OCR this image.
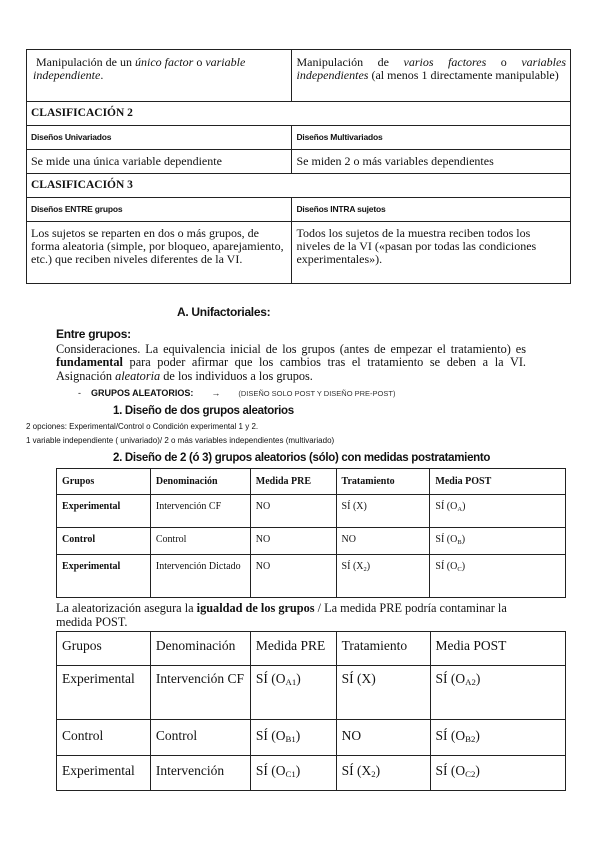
Manipulación de un único factor o variable independiente.	Manipulación de varios factores o variables independientes (al menos 1 directamente manipulable)
CLASIFICACIÓN 2	
Diseños Univariados	Diseños Multivariados
Se mide una única variable dependiente	Se miden 2 o más variables dependientes
CLASIFICACIÓN 3	
Diseños ENTRE grupos	Diseños INTRA sujetos
Los sujetos se reparten en dos o más grupos, de forma aleatoria (simple, por bloqueo, aparejamiento, etc.) que reciben niveles diferentes de la VI.	Todos los sujetos de la muestra reciben todos los niveles de la VI («pasan por todas las condiciones experimentales»).
A. Unifactoriales:
Entre grupos:
Consideraciones. La equivalencia inicial de los grupos (antes de empezar el tratamiento) es fundamental para poder afirmar que los cambios tras el tratamiento se deben a la VI. Asignación aleatoria de los individuos a los grupos.
- GRUPOS ALEATORIOS: → (DISEÑO SOLO POST Y DISEÑO PRE-POST)
1. Diseño de dos grupos aleatorios
2 opciones: Experimental/Control o Condición experimental 1 y 2.
1 variable independiente ( univariado)/ 2 o más variables independientes (multivariado)
2. Diseño de 2 (ó 3) grupos aleatorios (sólo) con medidas postratamiento
Grupos	Denominación	Medida PRE	Tratamiento	Media POST
Experimental	Intervención CF	NO	SÍ (X)	SÍ $(O_A)$
Control	Control	NO	NO	SÍ $(O_B)$
Experimental	Intervención Dictado	NO	SÍ $(X_2)$	SÍ $(O_C)$
La aleatorización asegura la igualdad de los grupos / La medida PRE podría contaminar la medida POST.
Grupos	Denominación	Medida PRE	Tratamiento	Media POST
Experimental	Intervención CF	SÍ $(O_{A1})$	SÍ (X)	SÍ $(O_{A2})$
Control	Control	SÍ $(O_{B1})$	NO	SÍ $(O_{B2})$
Experimental	Intervención	SÍ $(O_{C1})$	SÍ $(X_2)$	SÍ $(O_{C2})$
